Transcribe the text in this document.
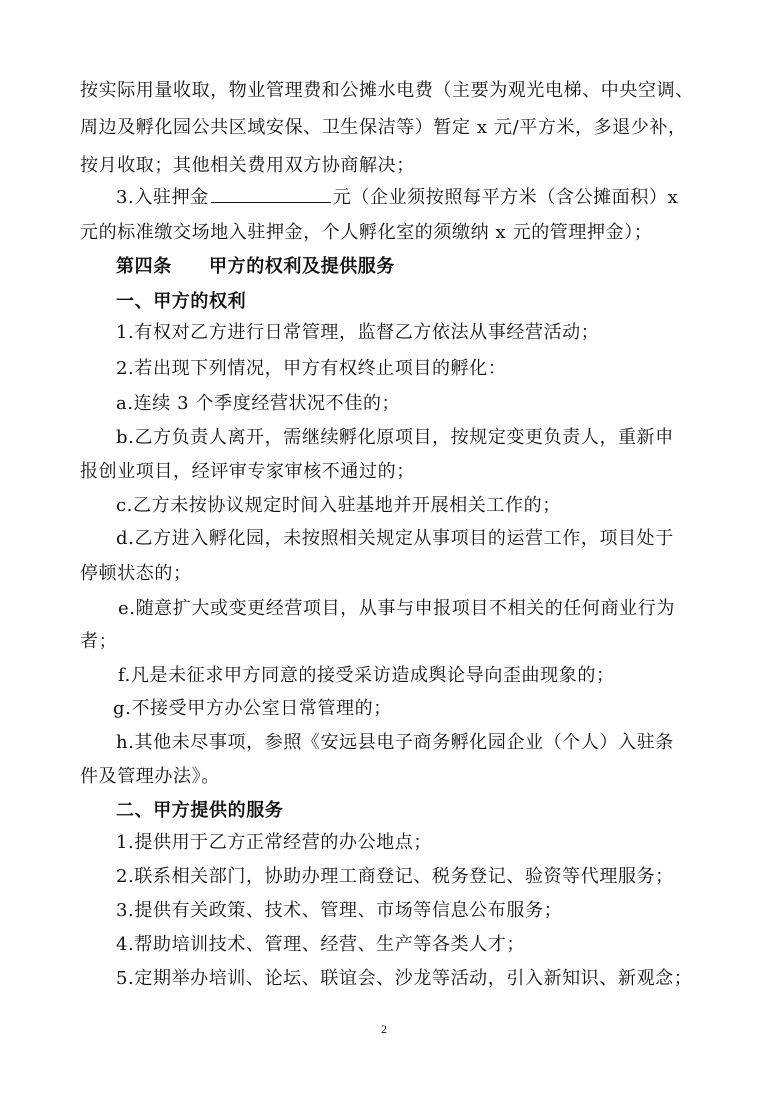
按实际用量收取，物业管理费和公摊水电费（主要为观光电梯、中央空调、
周边及孵化园公共区域安保、卫生保洁等）暂定 x 元/平方米，多退少补，
按月收取；其他相关费用双方协商解决；
3.入驻押金	元（企业须按照每平方米（含公摊面积）x
元的标准缴交场地入驻押金，个人孵化室的须缴纳 x 元的管理押金）；
第四条　　甲方的权利及提供服务
一、甲方的权利
1.有权对乙方进行日常管理，监督乙方依法从事经营活动；
2.若出现下列情况，甲方有权终止项目的孵化：
a.连续 3 个季度经营状况不佳的；
b.乙方负责人离开，需继续孵化原项目，按规定变更负责人，重新申
报创业项目，经评审专家审核不通过的；
c.乙方未按协议规定时间入驻基地并开展相关工作的；
d.乙方进入孵化园，未按照相关规定从事项目的运营工作，项目处于
停顿状态的；
e.随意扩大或变更经营项目，从事与申报项目不相关的任何商业行为
者；
f.凡是未征求甲方同意的接受采访造成舆论导向歪曲现象的；
g.不接受甲方办公室日常管理的；
h.其他未尽事项，参照《安远县电子商务孵化园企业（个人）入驻条
件及管理办法》。
二、甲方提供的服务
1.提供用于乙方正常经营的办公地点；
2.联系相关部门，协助办理工商登记、税务登记、验资等代理服务；
3.提供有关政策、技术、管理、市场等信息公布服务；
4.帮助培训技术、管理、经营、生产等各类人才；
5.定期举办培训、论坛、联谊会、沙龙等活动，引入新知识、新观念；
2
